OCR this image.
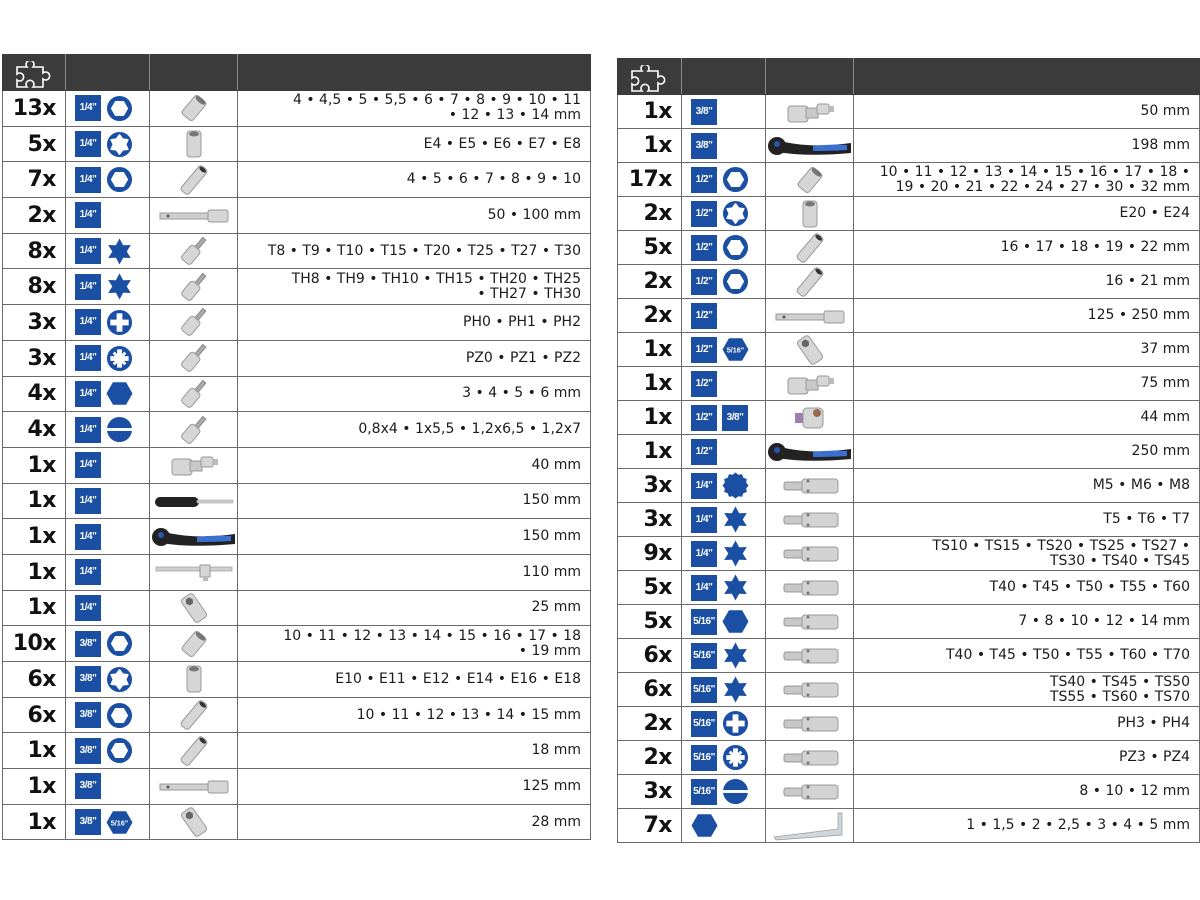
13x	1/4"		4 • 4,5 • 5 • 5,5 • 6 • 7 • 8 • 9 • 10 • 11
• 12 • 13 • 14 mm

5x	1/4"		E4 • E5 • E6 • E7 • E8

7x	1/4"		4 • 5 • 6 • 7 • 8 • 9 • 10

2x	1/4"		50 • 100 mm

8x	1/4"		T8 • T9 • T10 • T15 • T20 • T25 • T27 • T30

8x	1/4"		TH8 • TH9 • TH10 • TH15 • TH20 • TH25
• TH27 • TH30

3x	1/4"		PH0 • PH1 • PH2

3x	1/4"		PZ0 • PZ1 • PZ2

4x	1/4"		3 • 4 • 5 • 6 mm

4x	1/4"		0,8x4 • 1x5,5 • 1,2x6,5 • 1,2x7

1x	1/4"		40 mm

1x	1/4"		150 mm

1x	1/4"		150 mm

1x	1/4"		110 mm

1x	1/4"		25 mm

10x	3/8"		10 • 11 • 12 • 13 • 14 • 15 • 16 • 17 • 18
• 19 mm

6x	3/8"		E10 • E11 • E12 • E14 • E16 • E18

6x	3/8"		10 • 11 • 12 • 13 • 14 • 15 mm

1x	3/8"		18 mm

1x	3/8"		125 mm

1x	3/8" 5/16"		28 mm

1x	3/8"		50 mm

1x	3/8"		198 mm

17x	1/2"		10 • 11 • 12 • 13 • 14 • 15 • 16 • 17 • 18 •
19 • 20 • 21 • 22 • 24 • 27 • 30 • 32 mm

2x	1/2"		E20 • E24

5x	1/2"		16 • 17 • 18 • 19 • 22 mm

2x	1/2"		16 • 21 mm

2x	1/2"		125 • 250 mm

1x	1/2" 5/16"		37 mm

1x	1/2"		75 mm

1x	1/2" 3/8"		44 mm

1x	1/2"		250 mm

3x	1/4"		M5 • M6 • M8

3x	1/4"		T5 • T6 • T7

9x	1/4"		TS10 • TS15 • TS20 • TS25 • TS27 •
TS30 • TS40 • TS45

5x	1/4"		T40 • T45 • T50 • T55 • T60

5x	5/16"		7 • 8 • 10 • 12 • 14 mm

6x	5/16"		T40 • T45 • T50 • T55 • T60 • T70

6x	5/16"		TS40 • TS45 • TS50
TS55 • TS60 • TS70

2x	5/16"		PH3 • PH4

2x	5/16"		PZ3 • PZ4

3x	5/16"		8 • 10 • 12 mm

7x			1 • 1,5 • 2 • 2,5 • 3 • 4 • 5 mm
